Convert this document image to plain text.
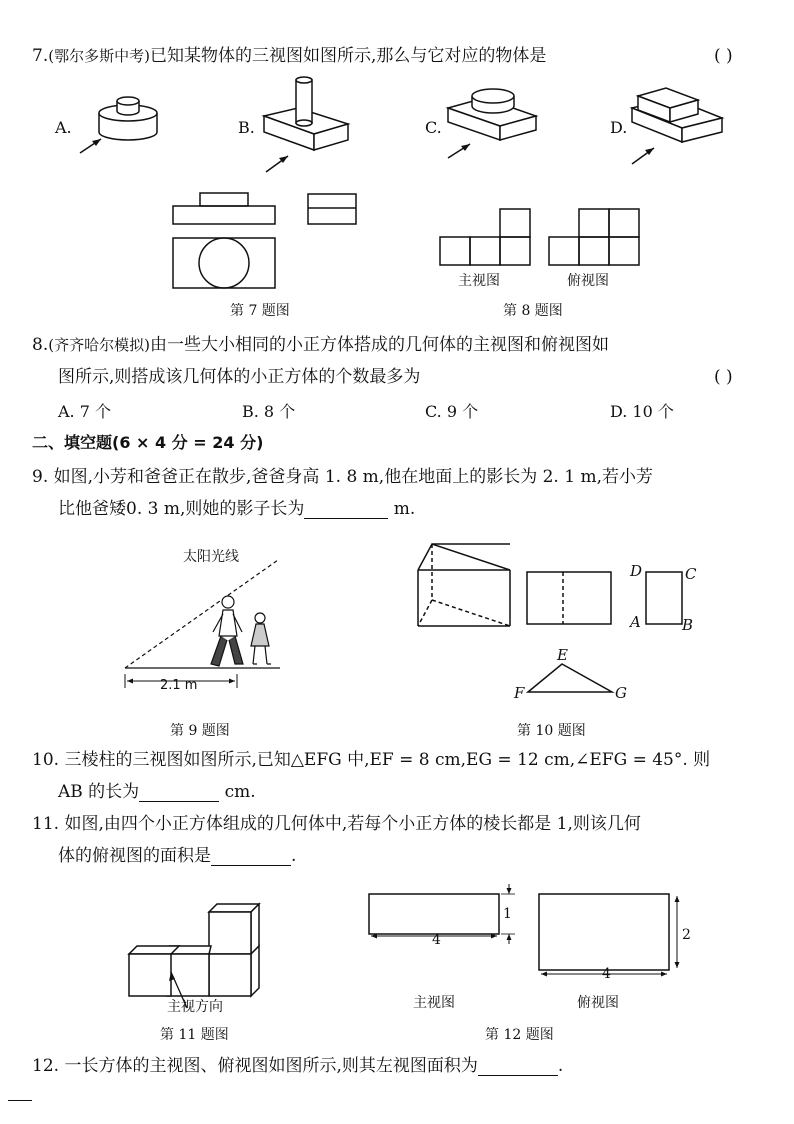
7.(鄂尔多斯中考)已知某物体的三视图如图所示,那么与它对应的物体是	( )
A.	B.	C.	D.
第 7 题图
主视图	俯视图
第 8 题图
8.(齐齐哈尔模拟)由一些大小相同的小正方体搭成的几何体的主视图和俯视图如
图所示,则搭成该几何体的小正方体的个数最多为	( )
A. 7 个	B. 8 个	C. 9 个	D. 10 个
二、填空题(6 × 4 分 = 24 分)
9. 如图,小芳和爸爸正在散步,爸爸身高 1. 8 m,他在地面上的影长为 2. 1 m,若小芳
比他爸矮0. 3 m,则她的影子长为	m.
太阳光线
2.1 m
第 9 题图
D	C
A	B
E
F	G
第 10 题图
10. 三棱柱的三视图如图所示,已知△EFG 中,EF = 8 cm,EG = 12 cm,∠EFG = 45°. 则
AB 的长为	cm.
11. 如图,由四个小正方体组成的几何体中,若每个小正方体的棱长都是 1,则该几何
体的俯视图的面积是	.
主视方向
第 11 题图
1
4	2
4
主视图	俯视图
第 12 题图
12. 一长方体的主视图、俯视图如图所示,则其左视图面积为	.
